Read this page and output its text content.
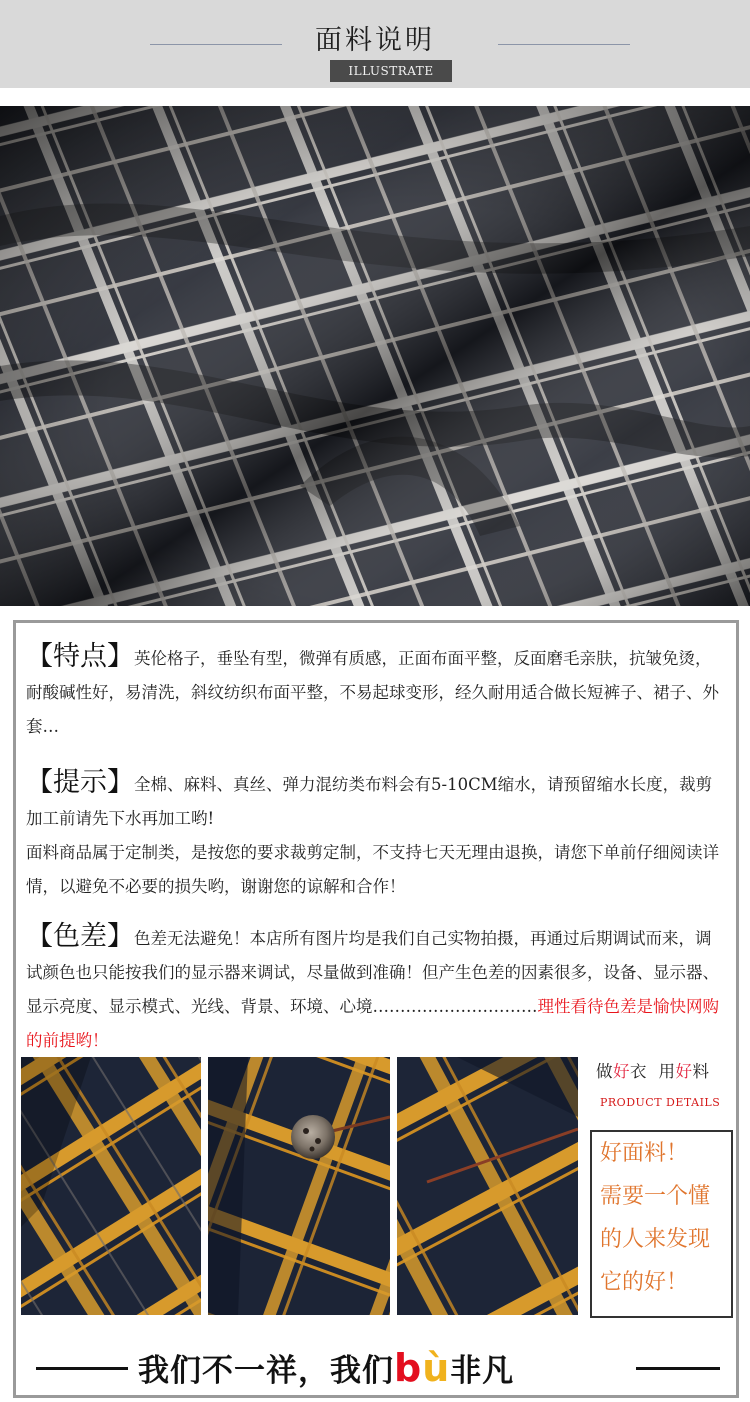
面料说明
ILLUSTRATE
【特点】英伦格子，垂坠有型，微弹有质感，正面布面平整，反面磨毛亲肤，抗皱免烫，耐酸碱性好，易清洗，斜纹纺织布面平整，不易起球变形，经久耐用适合做长短裤子、裙子、外套…
【提示】全棉、麻料、真丝、弹力混纺类布料会有5-10CM缩水，请预留缩水长度，裁剪加工前请先下水再加工哟!
面料商品属于定制类，是按您的要求裁剪定制，不支持七天无理由退换，请您下单前仔细阅读详情，以避免不必要的损失哟，谢谢您的谅解和合作！
【色差】色差无法避免！本店所有图片均是我们自己实物拍摄，再通过后期调试而来，调试颜色也只能按我们的显示器来调试，尽量做到准确！但产生色差的因素很多，设备、显示器、显示亮度、显示模式、光线、背景、环境、心境…………………………理性看待色差是愉快网购的前提哟！
做好衣  用好料
PRODUCT DETAILS
好面料！
需要一个懂
的人来发现
它的好！
我们不一祥，我们bù非凡
